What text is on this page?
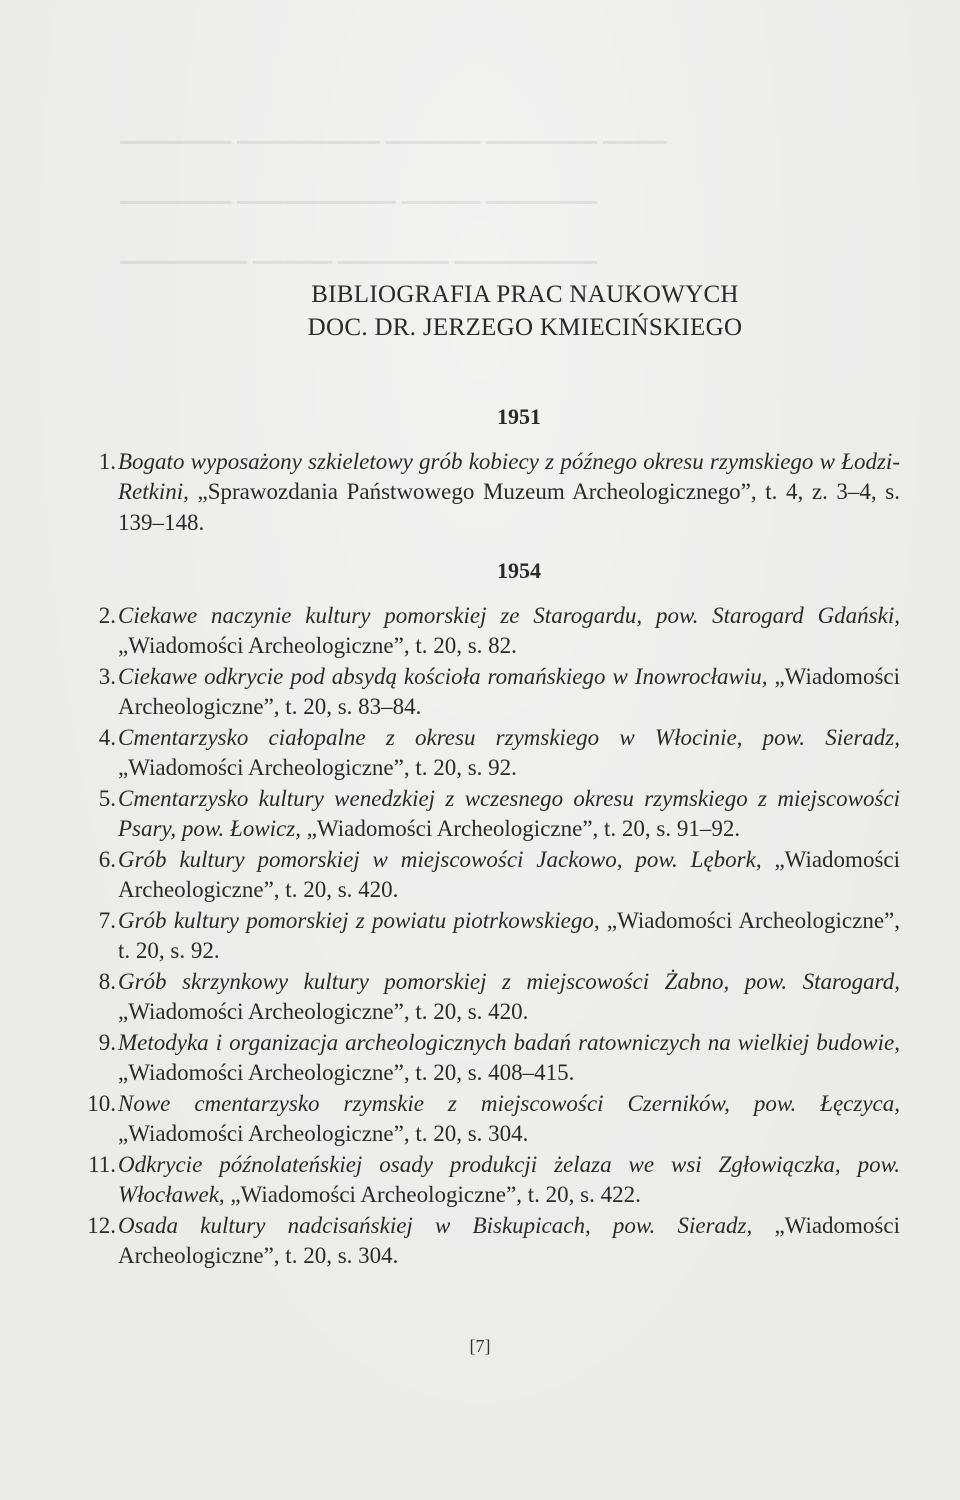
▁▁▁▁ ▁▁▁▁▁▁▁ ▁▁▁▁▁▁ ▁▁▁▁▁▁▁▁▁ ▁▁▁▁▁▁▁
▁▁▁▁▁▁▁ ▁▁▁▁▁ ▁▁▁▁▁▁▁▁▁▁ ▁▁▁▁▁▁▁
▁▁▁▁▁▁▁▁▁ ▁▁▁▁▁▁▁ ▁▁▁▁▁ ▁▁▁▁▁▁▁▁
BIBLIOGRAFIA PRAC NAUKOWYCH
DOC. DR. JERZEGO KMIECIŃSKIEGO
1951
1. Bogato wyposażony szkieletowy grób kobiecy z późnego okresu rzymskiego w Łodzi-Retkini, „Sprawozdania Państwowego Muzeum Archeologicznego”, t. 4, z. 3–4, s. 139–148.
1954
2. Ciekawe naczynie kultury pomorskiej ze Starogardu, pow. Starogard Gdański, „Wiadomości Archeologiczne”, t. 20, s. 82.
3. Ciekawe odkrycie pod absydą kościoła romańskiego w Inowrocławiu, „Wiadomości Archeologiczne”, t. 20, s. 83–84.
4. Cmentarzysko ciałopalne z okresu rzymskiego w Włocinie, pow. Sieradz, „Wiadomości Archeologiczne”, t. 20, s. 92.
5. Cmentarzysko kultury wenedzkiej z wczesnego okresu rzymskiego z miejscowości Psary, pow. Łowicz, „Wiadomości Archeologiczne”, t. 20, s. 91–92.
6. Grób kultury pomorskiej w miejscowości Jackowo, pow. Lębork, „Wiadomości Archeologiczne”, t. 20, s. 420.
7. Grób kultury pomorskiej z powiatu piotrkowskiego, „Wiadomości Archeologiczne”, t. 20, s. 92.
8. Grób skrzynkowy kultury pomorskiej z miejscowości Żabno, pow. Starogard, „Wiadomości Archeologiczne”, t. 20, s. 420.
9. Metodyka i organizacja archeologicznych badań ratowniczych na wielkiej budowie, „Wiadomości Archeologiczne”, t. 20, s. 408–415.
10. Nowe cmentarzysko rzymskie z miejscowości Czerników, pow. Łęczyca, „Wiadomości Archeologiczne”, t. 20, s. 304.
11. Odkrycie późnolateńskiej osady produkcji żelaza we wsi Zgłowiączka, pow. Włocławek, „Wiadomości Archeologiczne”, t. 20, s. 422.
12. Osada kultury nadcisańskiej w Biskupicach, pow. Sieradz, „Wiadomości Archeologiczne”, t. 20, s. 304.
[7]
